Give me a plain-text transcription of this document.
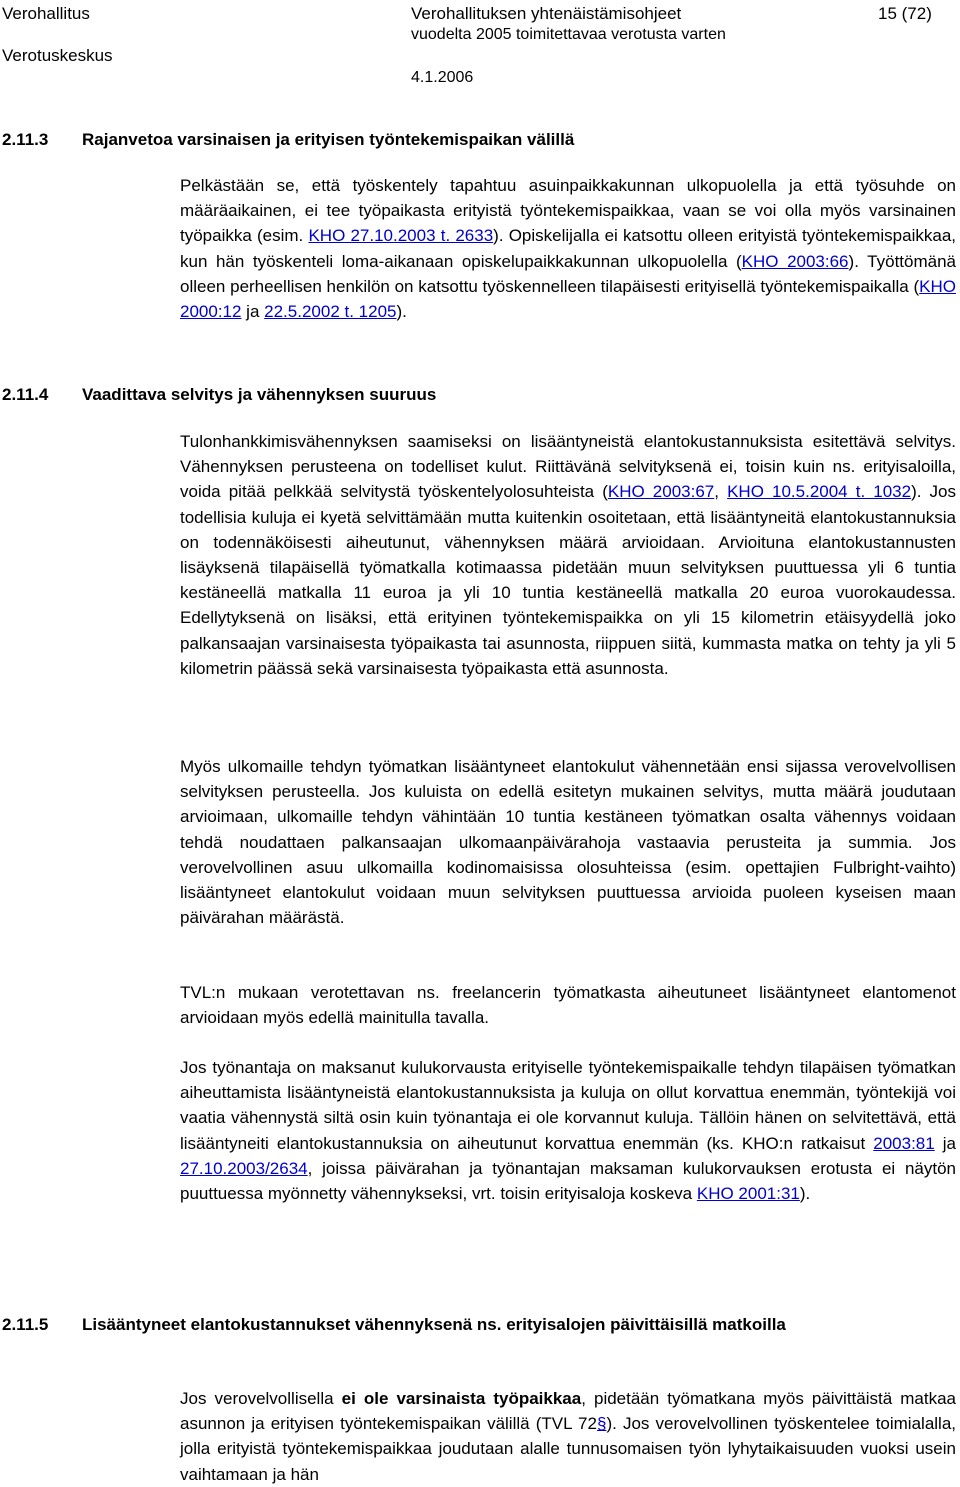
Verohallitus
Verotuskeskus
Verohallituksen yhtenäistämisohjeet
vuodelta 2005 toimitettavaa verotusta varten
4.1.2006
15 (72)
2.11.3 Rajanvetoa varsinaisen ja erityisen työntekemispaikan välillä

Pelkästään se, että työskentely tapahtuu asuinpaikkakunnan ulkopuolella ja että työsuhde on määräaikainen, ei tee työpaikasta erityistä työntekemispaikkaa, vaan se voi olla myös varsinainen työpaikka (esim. KHO 27.10.2003 t. 2633). Opiskelijalla ei katsottu olleen erityistä työntekemispaikkaa, kun hän työskenteli loma-aikanaan opiskelupaikkakunnan ulkopuolella (KHO 2003:66). Työttömänä olleen perheellisen henkilön on katsottu työskennelleen tilapäisesti erityisellä työntekemispaikalla (KHO 2000:12 ja 22.5.2002 t. 1205).

2.11.4 Vaadittava selvitys ja vähennyksen suuruus

Tulonhankkimisvähennyksen saamiseksi on lisääntyneistä elantokustannuksista esitettävä selvitys. Vähennyksen perusteena on todelliset kulut. Riittävänä selvityksenä ei, toisin kuin ns. erityisaloilla, voida pitää pelkkää selvitystä työskentelyolosuhteista (KHO 2003:67, KHO 10.5.2004 t. 1032). Jos todellisia kuluja ei kyetä selvittämään mutta kuitenkin osoitetaan, että lisääntyneitä elantokustannuksia on todennäköisesti aiheutunut, vähennyksen määrä arvioidaan. Arvioituna elantokustannusten lisäyksenä tilapäisellä työmatkalla kotimaassa pidetään muun selvityksen puuttuessa yli 6 tuntia kestäneellä matkalla 11 euroa ja yli 10 tuntia kestäneellä matkalla 20 euroa vuorokaudessa. Edellytyksenä on lisäksi, että erityinen työntekemispaikka on yli 15 kilometrin etäisyydellä joko palkansaajan varsinaisesta työpaikasta tai asunnosta, riippuen siitä, kummasta matka on tehty ja yli 5 kilometrin päässä sekä varsinaisesta työpaikasta että asunnosta.

Myös ulkomaille tehdyn työmatkan lisääntyneet elantokulut vähennetään ensi sijassa verovelvollisen selvityksen perusteella. Jos kuluista on edellä esitetyn mukainen selvitys, mutta määrä joudutaan arvioimaan, ulkomaille tehdyn vähintään 10 tuntia kestäneen työmatkan osalta vähennys voidaan tehdä noudattaen palkansaajan ulkomaanpäivärahoja vastaavia perusteita ja summia. Jos verovelvollinen asuu ulkomailla kodinomaisissa olosuhteissa (esim. opettajien Fulbright-vaihto) lisääntyneet elantokulut voidaan muun selvityksen puuttuessa arvioida puoleen kyseisen maan päivärahan määrästä.

TVL:n mukaan verotettavan ns. freelancerin työmatkasta aiheutuneet lisääntyneet elantomenot arvioidaan myös edellä mainitulla tavalla.

Jos työnantaja on maksanut kulukorvausta erityiselle työntekemispaikalle tehdyn tilapäisen työmatkan aiheuttamista lisääntyneistä elantokustannuksista ja kuluja on ollut korvattua enemmän, työntekijä voi vaatia vähennystä siltä osin kuin työnantaja ei ole korvannut kuluja. Tällöin hänen on selvitettävä, että lisääntyneiti elantokustannuksia on aiheutunut korvattua enemmän (ks. KHO:n ratkaisut 2003:81 ja 27.10.2003/2634, joissa päivärahan ja työnantajan maksaman kulukorvauksen erotusta ei näytön puuttuessa myönnetty vähennykseksi, vrt. toisin erityisaloja koskeva KHO 2001:31).

2.11.5	Lisääntyneet elantokustannukset vähennyksenä ns. erityisalojen päivittäisillä matkoilla

Jos verovelvollisella ei ole varsinaista työpaikkaa, pidetään työmatkana myös päivittäistä matkaa asunnon ja erityisen työntekemispaikan välillä (TVL 72§). Jos verovelvollinen työskentelee toimialalla, jolla erityistä työntekemispaikkaa joudutaan alalle tunnusomaisen työn lyhytaikaisuuden vuoksi usein vaihtamaan ja hän
